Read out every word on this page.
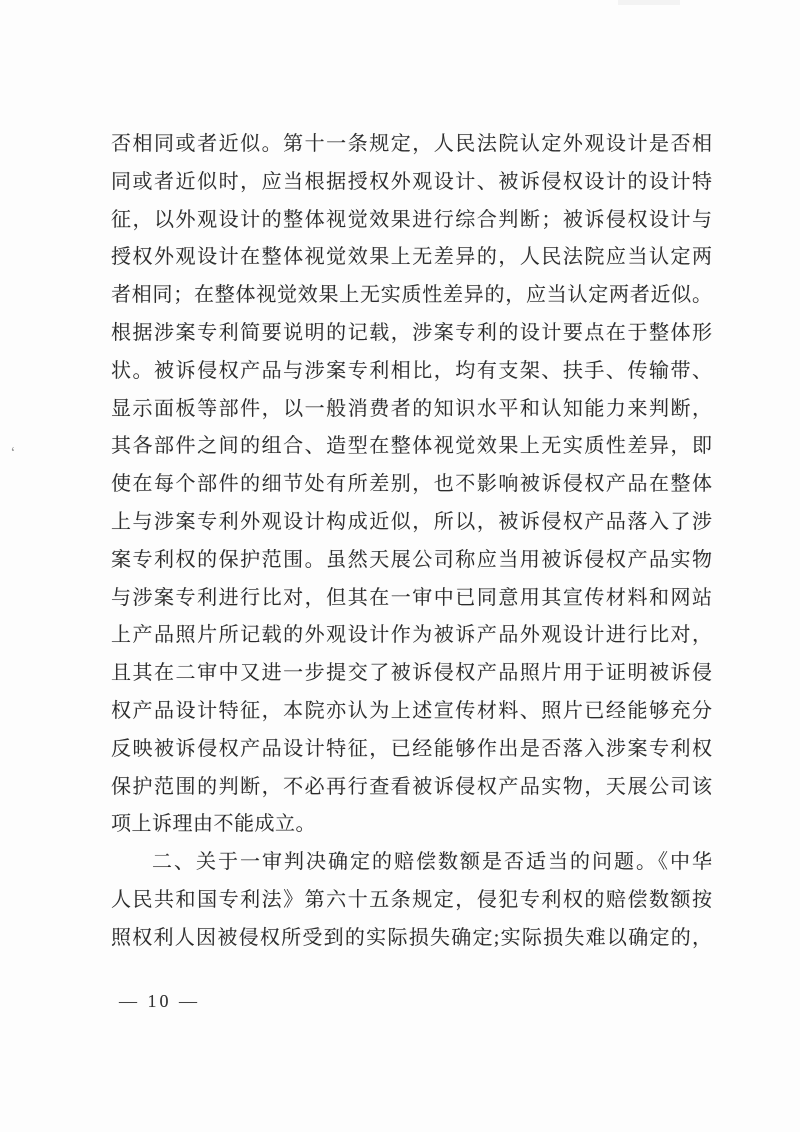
ʻ
否相同或者近似。第十一条规定，人民法院认定外观设计是否相
同或者近似时，应当根据授权外观设计、被诉侵权设计的设计特
征，以外观设计的整体视觉效果进行综合判断；被诉侵权设计与
授权外观设计在整体视觉效果上无差异的，人民法院应当认定两
者相同；在整体视觉效果上无实质性差异的，应当认定两者近似。
根据涉案专利简要说明的记载，涉案专利的设计要点在于整体形
状。被诉侵权产品与涉案专利相比，均有支架、扶手、传输带、
显示面板等部件，以一般消费者的知识水平和认知能力来判断，
其各部件之间的组合、造型在整体视觉效果上无实质性差异，即
使在每个部件的细节处有所差别，也不影响被诉侵权产品在整体
上与涉案专利外观设计构成近似，所以，被诉侵权产品落入了涉
案专利权的保护范围。虽然天展公司称应当用被诉侵权产品实物
与涉案专利进行比对，但其在一审中已同意用其宣传材料和网站
上产品照片所记载的外观设计作为被诉产品外观设计进行比对，
且其在二审中又进一步提交了被诉侵权产品照片用于证明被诉侵
权产品设计特征，本院亦认为上述宣传材料、照片已经能够充分
反映被诉侵权产品设计特征，已经能够作出是否落入涉案专利权
保护范围的判断，不必再行查看被诉侵权产品实物，天展公司该
项上诉理由不能成立。
二、关于一审判决确定的赔偿数额是否适当的问题。《中华
人民共和国专利法》第六十五条规定，侵犯专利权的赔偿数额按
照权利人因被侵权所受到的实际损失确定;实际损失难以确定的，
— 10 —
